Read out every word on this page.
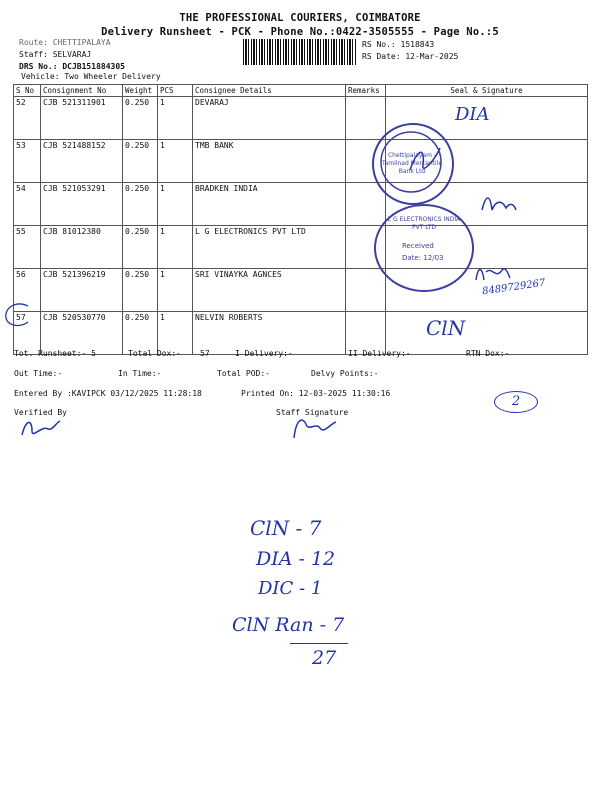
THE PROFESSIONAL COURIERS, COIMBATORE
Delivery Runsheet - PCK - Phone No.:0422-3505555 - Page No.:5
Route: CHETTIPALAYA
Staff: SELVARAJ
DRS No.: DCJB151884305
Vehicle: Two Wheeler Delivery
RS No.: 1518843
RS Date: 12-Mar-2025
S No	Consignment No	Weight	PCS	Consignee Details	Remarks	Seal & Signature
52	CJB 521311901	0.250	1	DEVARAJ		
53	CJB 521488152	0.250	1	TMB BANK		
54	CJB 521053291	0.250	1	BRADKEN INDIA		
55	CJB 81012380	0.250	1	L G ELECTRONICS PVT LTD		
56	CJB 521396219	0.250	1	SRI VINAYKA AGNCES		
57	CJB 520530770	0.250	1	NELVIN ROBERTS		
Tot. Runsheet:- 5	Total Dox:- 57	I Delivery:-	II Delivery:-	RTN Dox:-
Out Time:-	In Time:-	Total POD:-	Delvy Points:-
Entered By :KAVIPCK 03/12/2025 11:28:18	Printed On: 12-03-2025 11:30:16
Verified By	Staff Signature
Chettipalayam - Tamilnad Mercantile Bank Ltd
L G ELECTRONICS INDIA PVT LTD
Received
Date: 12/03
DIA
8489729267
ClN
2
ClN - 7
DIA - 12
DIC - 1
ClN Ran - 7
27
